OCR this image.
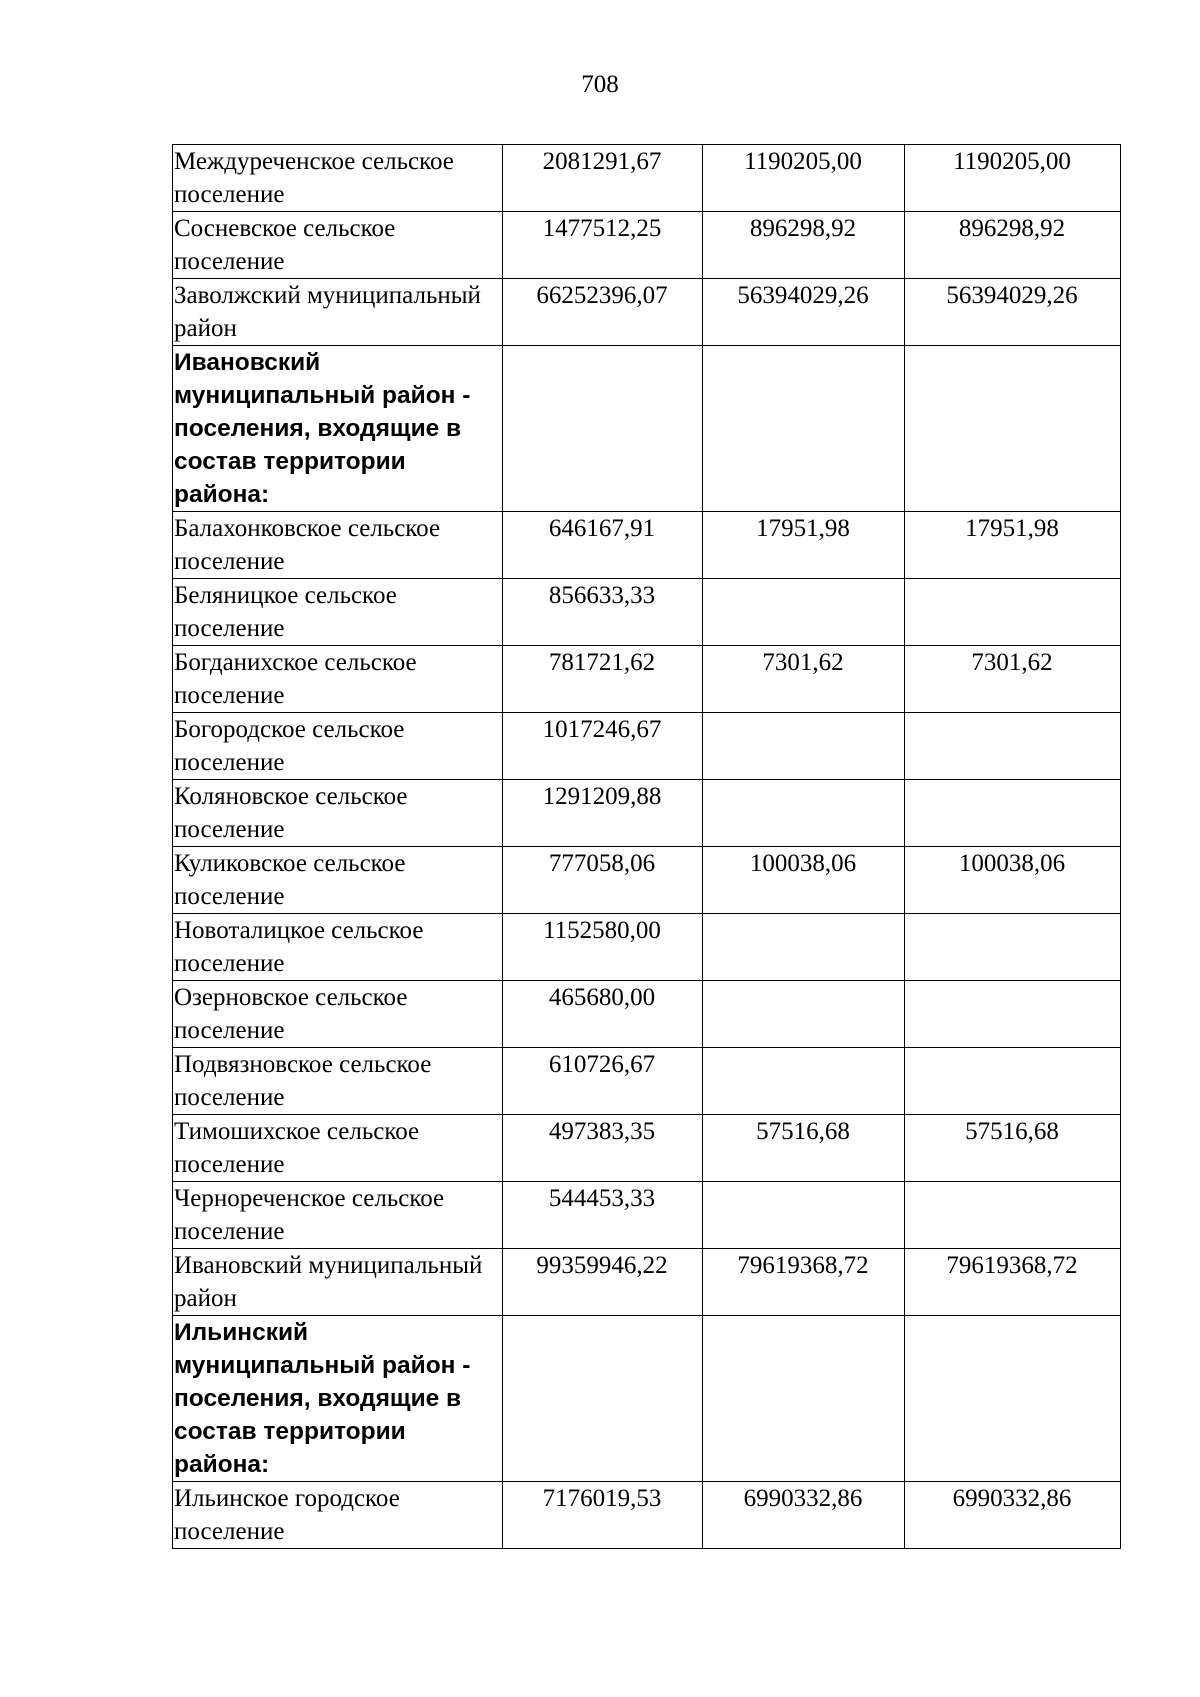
708
Междуреченское сельское поселение	2081291,67	1190205,00	1190205,00
Сосневское сельское поселение	1477512,25	896298,92	896298,92
Заволжский муниципальный район	66252396,07	56394029,26	56394029,26
Ивановский муниципальный район - поселения, входящие в состав территории района:			
Балахонковское сельское поселение	646167,91	17951,98	17951,98
Беляницкое сельское поселение	856633,33		
Богданихское сельское поселение	781721,62	7301,62	7301,62
Богородское сельское поселение	1017246,67		
Коляновское сельское поселение	1291209,88		
Куликовское сельское поселение	777058,06	100038,06	100038,06
Новоталицкое сельское поселение	1152580,00		
Озерновское сельское поселение	465680,00		
Подвязновское сельское поселение	610726,67		
Тимошихское сельское поселение	497383,35	57516,68	57516,68
Чернореченское сельское поселение	544453,33		
Ивановский муниципальный район	99359946,22	79619368,72	79619368,72
Ильинский муниципальный район - поселения, входящие в состав территории района:			
Ильинское городское поселение	7176019,53	6990332,86	6990332,86
